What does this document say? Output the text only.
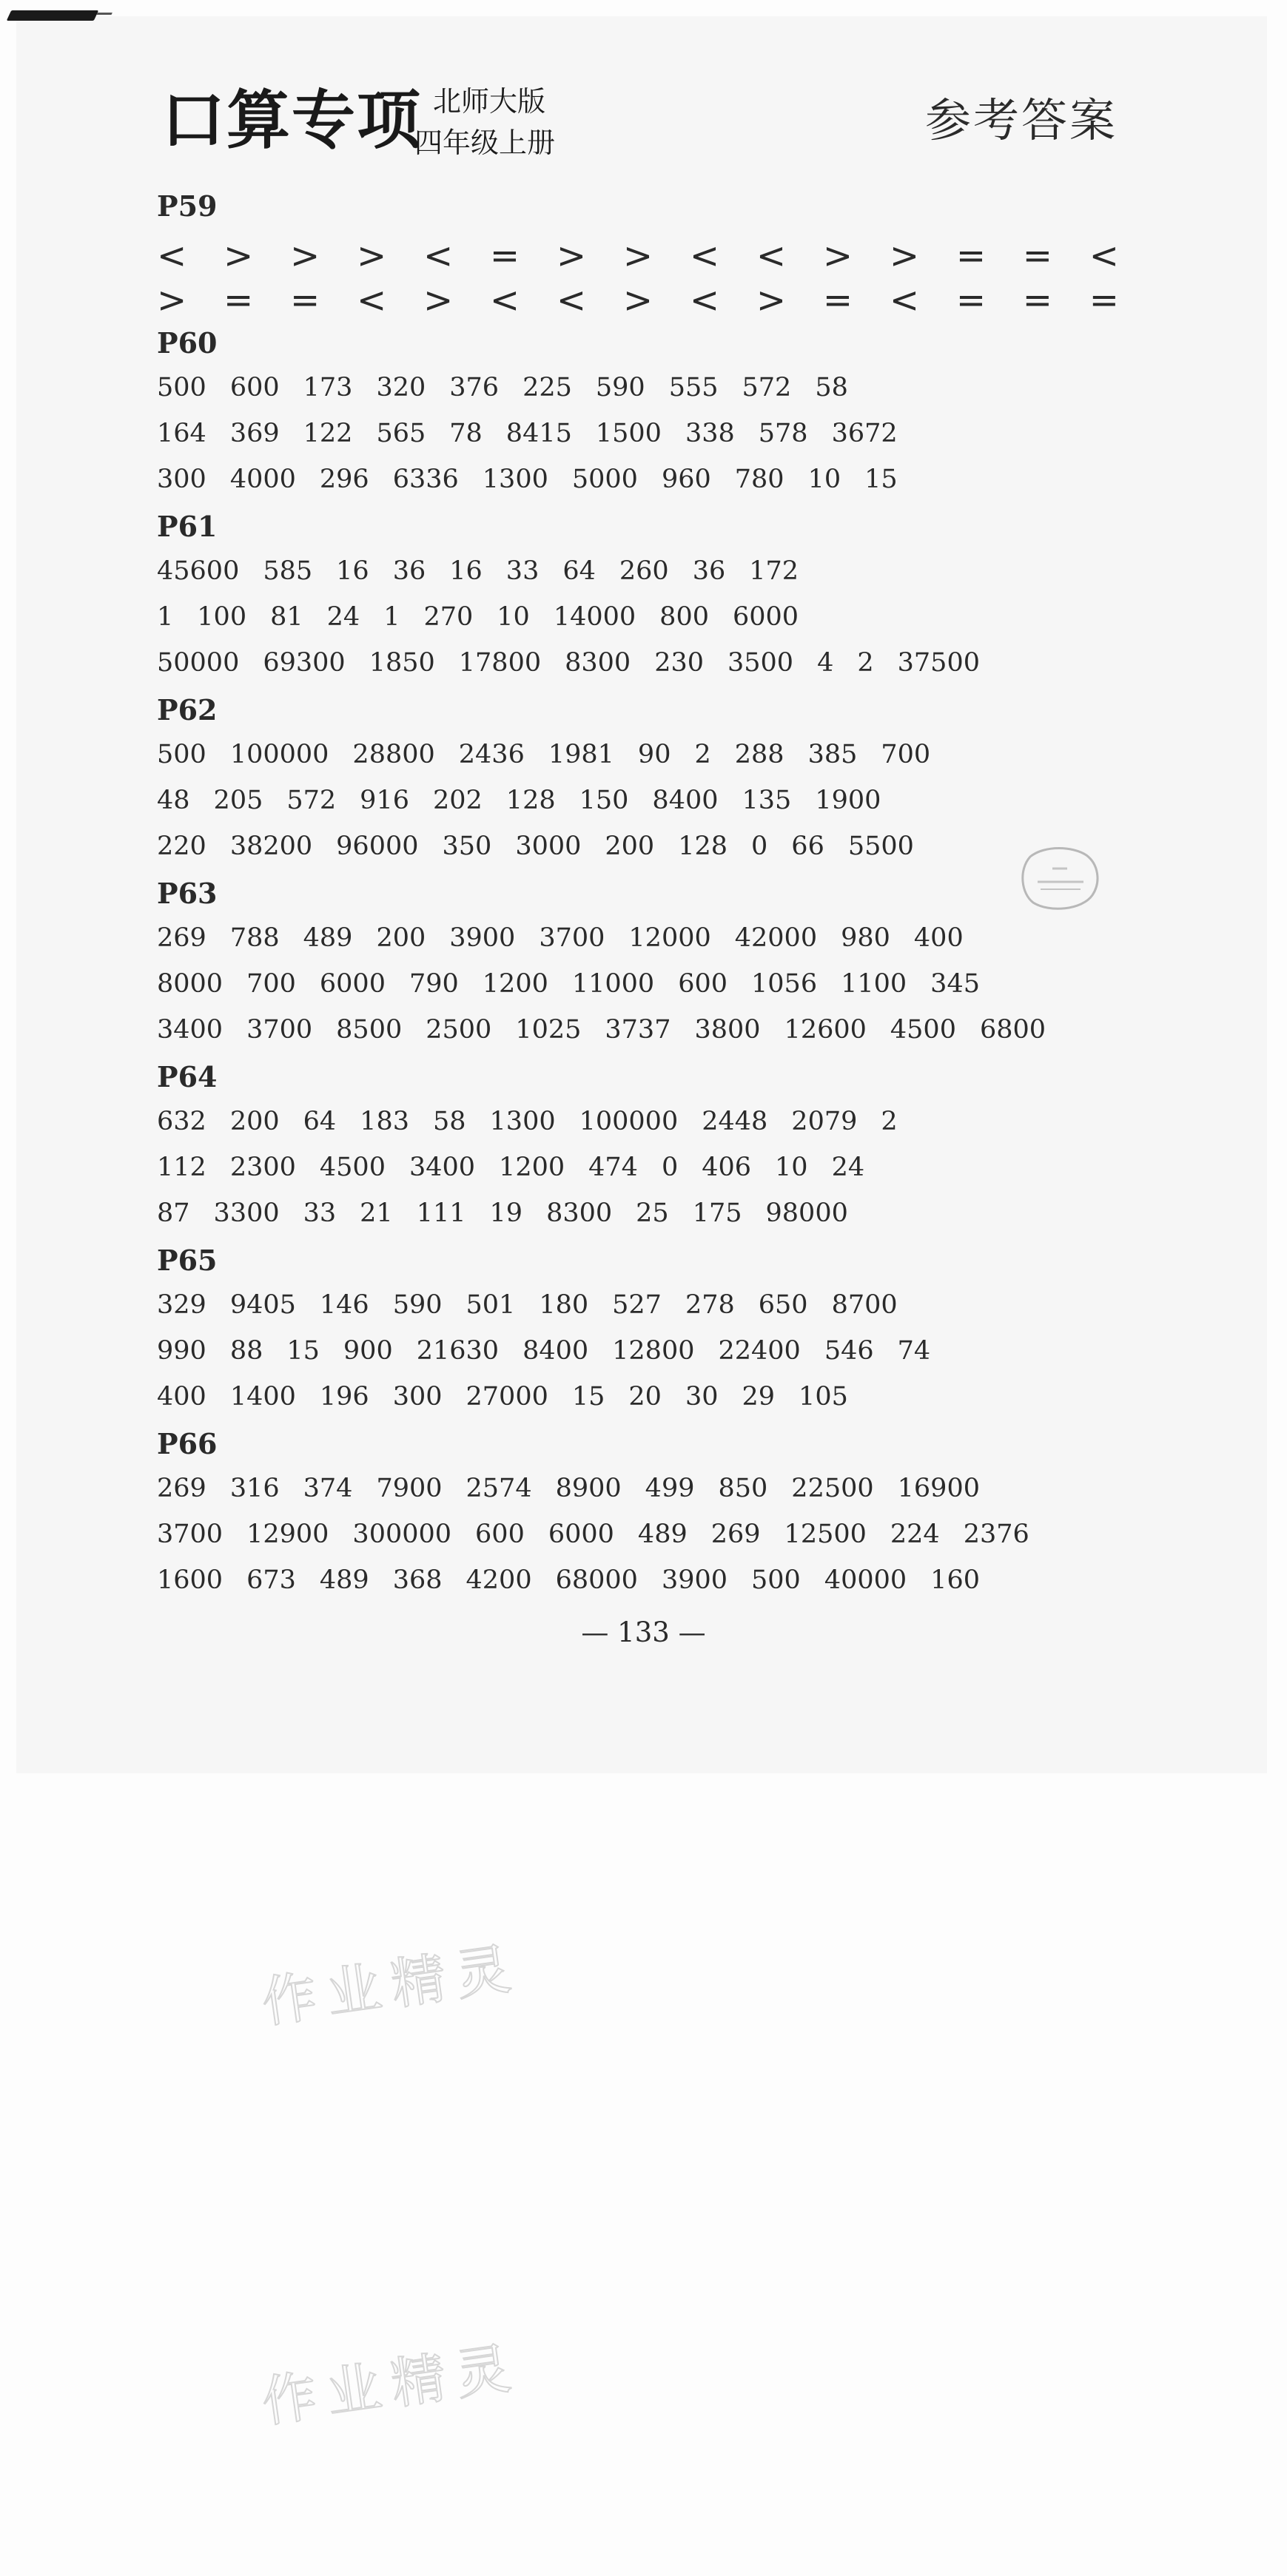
口算专项 北师大版
四年级上册	参考答案
P59
< > > > < = > > < < > > = = <
> = = < > < < > < > = < = = =
P60
500 600 173 320 376 225 590 555 572 58
164 369 122 565 78 8415 1500 338 578 3672
300 4000 296 6336 1300 5000 960 780 10 15
P61
45600 585 16 36 16 33 64 260 36 172
1 100 81 24 1 270 10 14000 800 6000
50000 69300 1850 17800 8300 230 3500 4 2 37500
P62
500 100000 28800 2436 1981 90 2 288 385 700
48 205 572 916 202 128 150 8400 135 1900
220 38200 96000 350 3000 200 128 0 66 5500
P63
269 788 489 200 3900 3700 12000 42000 980 400
8000 700 6000 790 1200 11000 600 1056 1100 345
3400 3700 8500 2500 1025 3737 3800 12600 4500 6800
P64
632 200 64 183 58 1300 100000 2448 2079 2
112 2300 4500 3400 1200 474 0 406 10 24
87 3300 33 21 111 19 8300 25 175 98000
P65
329 9405 146 590 501 180 527 278 650 8700
990 88 15 900 21630 8400 12800 22400 546 74
400 1400 196 300 27000 15 20 30 29 105
P66
269 316 374 7900 2574 8900 499 850 22500 16900
3700 12900 300000 600 6000 489 269 12500 224 2376
1600 673 489 368 4200 68000 3900 500 40000 160
— 133 —
作业精灵
作业精灵
